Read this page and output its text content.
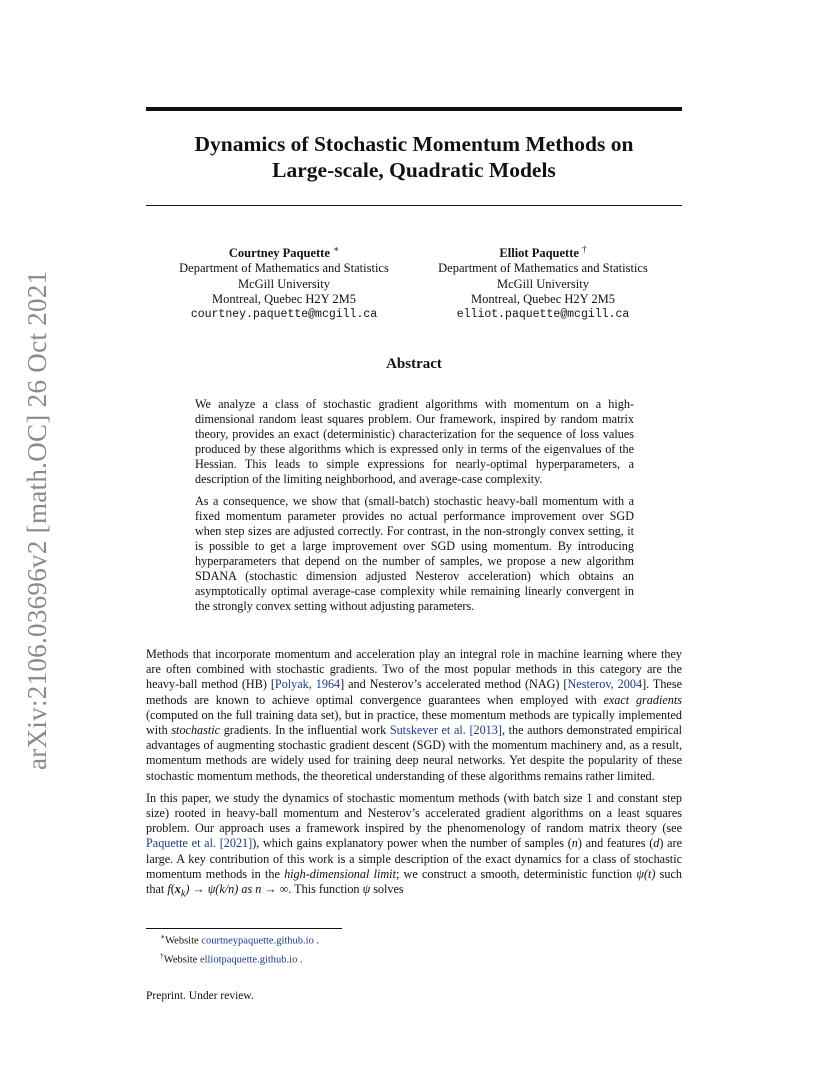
arXiv:2106.03696v2 [math.OC] 26 Oct 2021
Dynamics of Stochastic Momentum Methods on
Large-scale, Quadratic Models
Courtney Paquette ∗
Department of Mathematics and Statistics
McGill University
Montreal, Quebec H2Y 2M5
courtney.paquette@mcgill.ca
Elliot Paquette †
Department of Mathematics and Statistics
McGill University
Montreal, Quebec H2Y 2M5
elliot.paquette@mcgill.ca
Abstract

We analyze a class of stochastic gradient algorithms with momentum on a high-dimensional random least squares problem. Our framework, inspired by random matrix theory, provides an exact (deterministic) characterization for the sequence of loss values produced by these algorithms which is expressed only in terms of the eigenvalues of the Hessian. This leads to simple expressions for nearly-optimal hyperparameters, a description of the limiting neighborhood, and average-case complexity.

As a consequence, we show that (small-batch) stochastic heavy-ball momentum with a fixed momentum parameter provides no actual performance improvement over SGD when step sizes are adjusted correctly. For contrast, in the non-strongly convex setting, it is possible to get a large improvement over SGD using momentum. By introducing hyperparameters that depend on the number of samples, we propose a new algorithm SDANA (stochastic dimension adjusted Nesterov acceleration) which obtains an asymptotically optimal average-case complexity while remaining linearly convergent in the strongly convex setting without adjusting parameters.

Methods that incorporate momentum and acceleration play an integral role in machine learning where they are often combined with stochastic gradients. Two of the most popular methods in this category are the heavy-ball method (HB) [Polyak, 1964] and Nesterov’s accelerated method (NAG) [Nesterov, 2004]. These methods are known to achieve optimal convergence guarantees when employed with exact gradients (computed on the full training data set), but in practice, these momentum methods are typically implemented with stochastic gradients. In the influential work Sutskever et al. [2013], the authors demonstrated empirical advantages of augmenting stochastic gradient descent (SGD) with the momentum machinery and, as a result, momentum methods are widely used for training deep neural networks. Yet despite the popularity of these stochastic momentum methods, the theoretical understanding of these algorithms remains rather limited.

In this paper, we study the dynamics of stochastic momentum methods (with batch size 1 and constant step size) rooted in heavy-ball momentum and Nesterov’s accelerated gradient algorithms on a least squares problem. Our approach uses a framework inspired by the phenomenology of random matrix theory (see Paquette et al. [2021]), which gains explanatory power when the number of samples (n) and features (d) are large. A key contribution of this work is a simple description of the exact dynamics for a class of stochastic momentum methods in the high-dimensional limit; we construct a smooth, deterministic function ψ(t) such that $f(x_k) \to \psi(k/n)$ as n → ∞. This function ψ solves

∗Website courtneypaquette.github.io .
†Website elliotpaquette.github.io .
Preprint. Under review.
